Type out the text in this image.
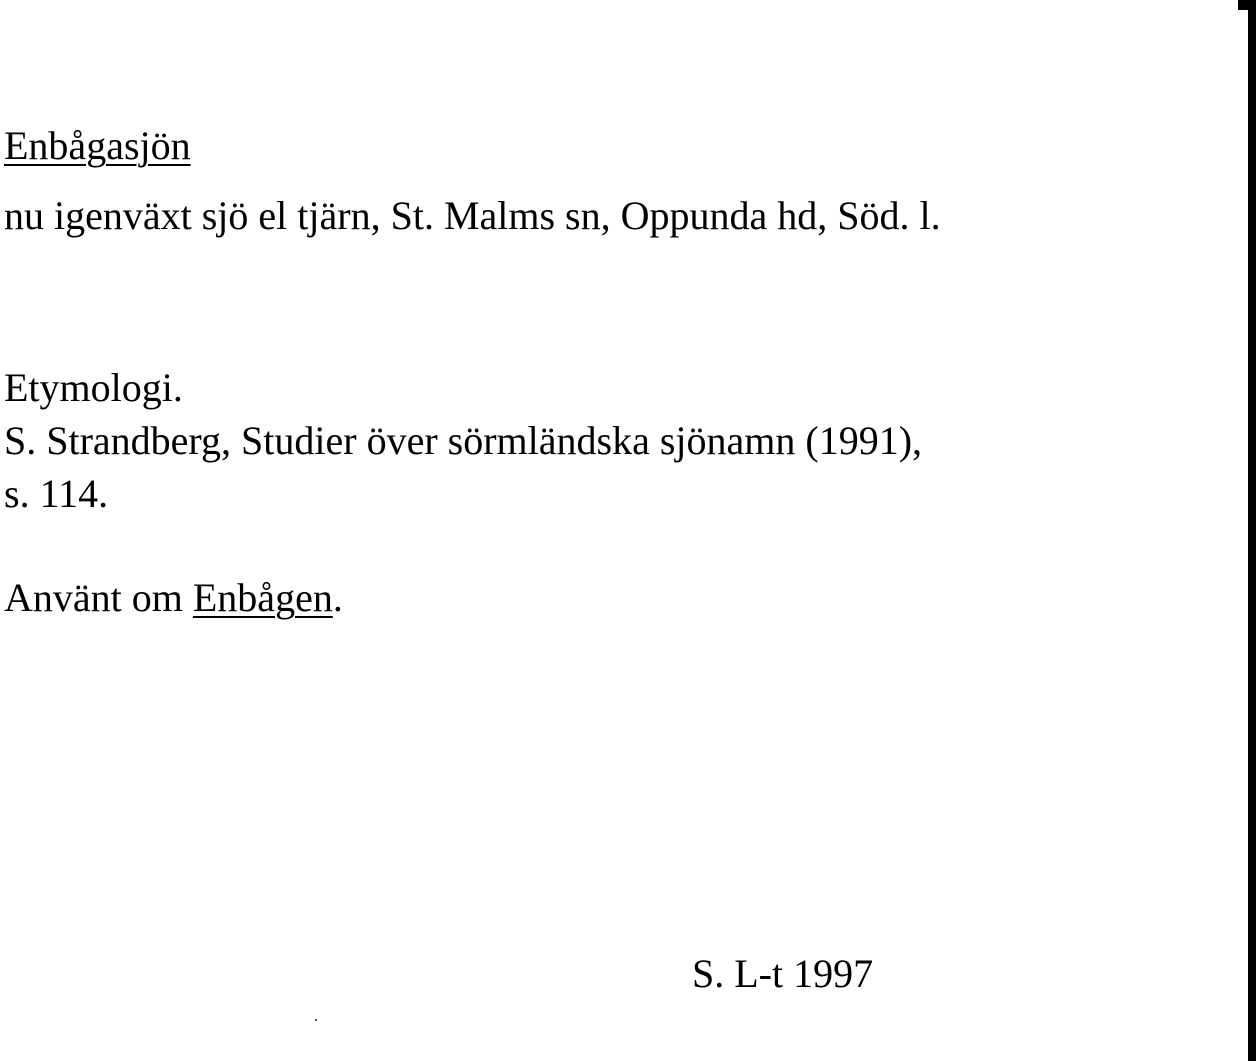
Enbågasjön
nu igenväxt sjö el tjärn, St. Malms sn, Oppunda hd, Söd. l.
Etymologi.
S. Strandberg, Studier över sörmländska sjönamn (1991),
s. 114.
Använt om Enbågen.
S. L-t 1997
